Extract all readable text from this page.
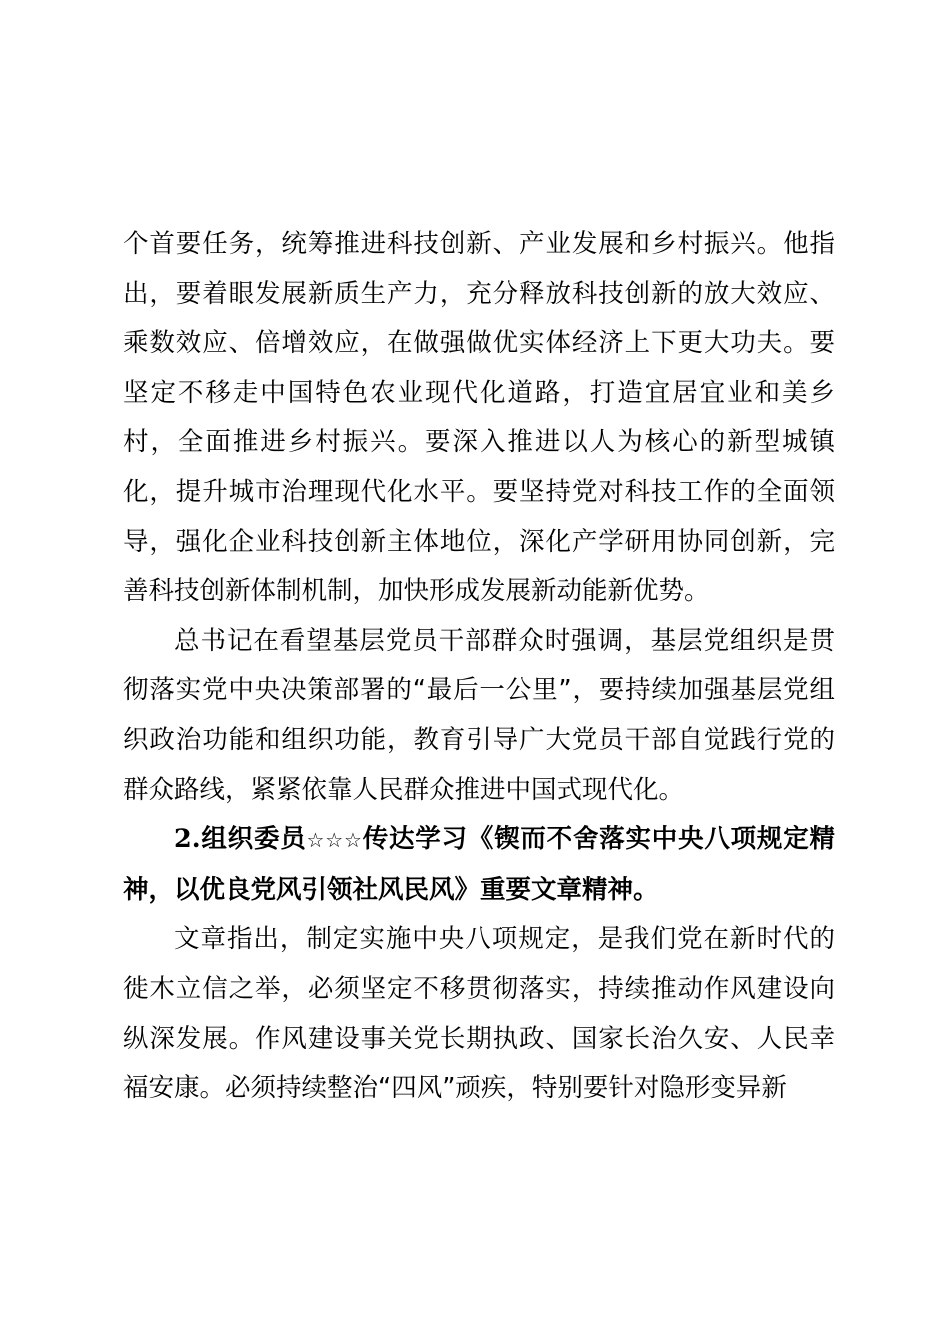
个首要任务，统筹推进科技创新、产业发展和乡村振兴。他指出，要着眼发展新质生产力，充分释放科技创新的放大效应、乘数效应、倍增效应，在做强做优实体经济上下更大功夫。要坚定不移走中国特色农业现代化道路，打造宜居宜业和美乡村，全面推进乡村振兴。要深入推进以人为核心的新型城镇化，提升城市治理现代化水平。要坚持党对科技工作的全面领导，强化企业科技创新主体地位，深化产学研用协同创新，完善科技创新体制机制，加快形成发展新动能新优势。

总书记在看望基层党员干部群众时强调，基层党组织是贯彻落实党中央决策部署的“最后一公里”，要持续加强基层党组织政治功能和组织功能，教育引导广大党员干部自觉践行党的群众路线，紧紧依靠人民群众推进中国式现代化。

2.组织委员☆☆☆传达学习《锲而不舍落实中央八项规定精神，以优良党风引领社风民风》重要文章精神。

文章指出，制定实施中央八项规定，是我们党在新时代的徙木立信之举，必须坚定不移贯彻落实，持续推动作风建设向纵深发展。作风建设事关党长期执政、国家长治久安、人民幸福安康。必须持续整治“四风”顽疾，特别要针对隐形变异新
